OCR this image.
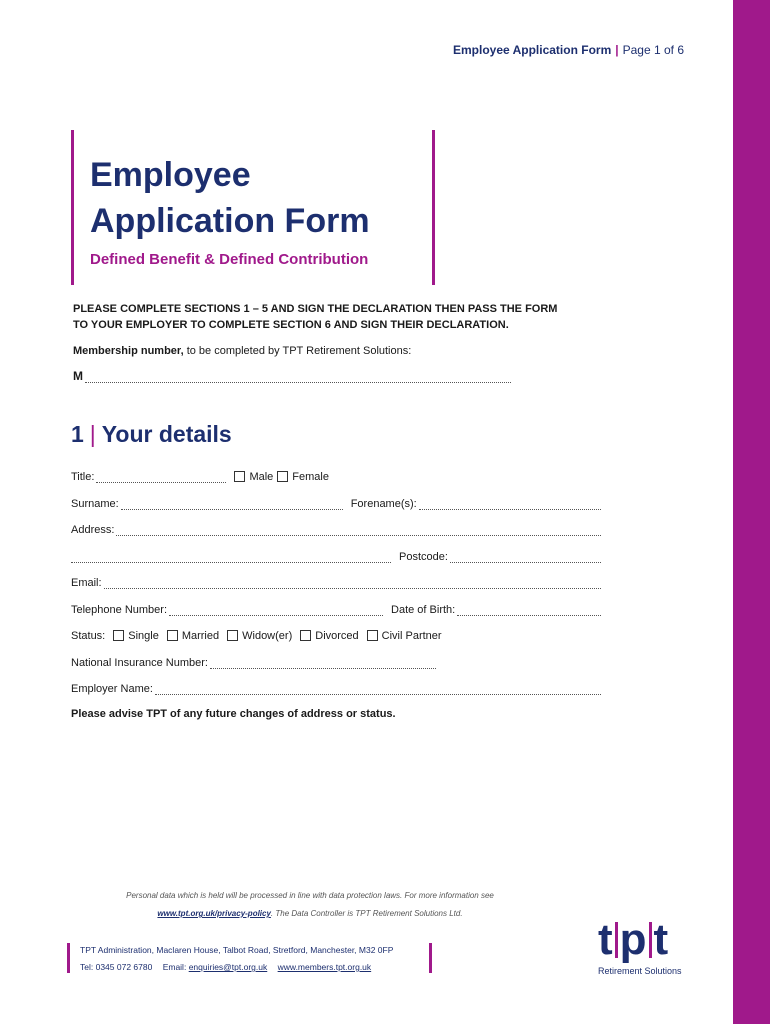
Employee Application Form | Page 1 of 6
Employee
Application Form
Defined Benefit & Defined Contribution
PLEASE COMPLETE SECTIONS 1 – 5 AND SIGN THE DECLARATION THEN PASS THE FORM
TO YOUR EMPLOYER TO COMPLETE SECTION 6 AND SIGN THEIR DECLARATION.
Membership number, to be completed by TPT Retirement Solutions:
M
1 | Your details
Title:	Male Female
Surname:	Forename(s):
Address:
Postcode:
Email:
Telephone Number:	Date of Birth:
Status: Single Married Widow(er) Divorced Civil Partner
National Insurance Number:
Employer Name:
Please advise TPT of any future changes of address or status.
Personal data which is held will be processed in line with data protection laws. For more information see
www.tpt.org.uk/privacy-policy. The Data Controller is TPT Retirement Solutions Ltd.
TPT Administration, Maclaren House, Talbot Road, Stretford, Manchester, M32 0FP
Tel: 0345 072 6780 Email: enquiries@tpt.org.uk www.members.tpt.org.uk
t p t
Retirement Solutions
